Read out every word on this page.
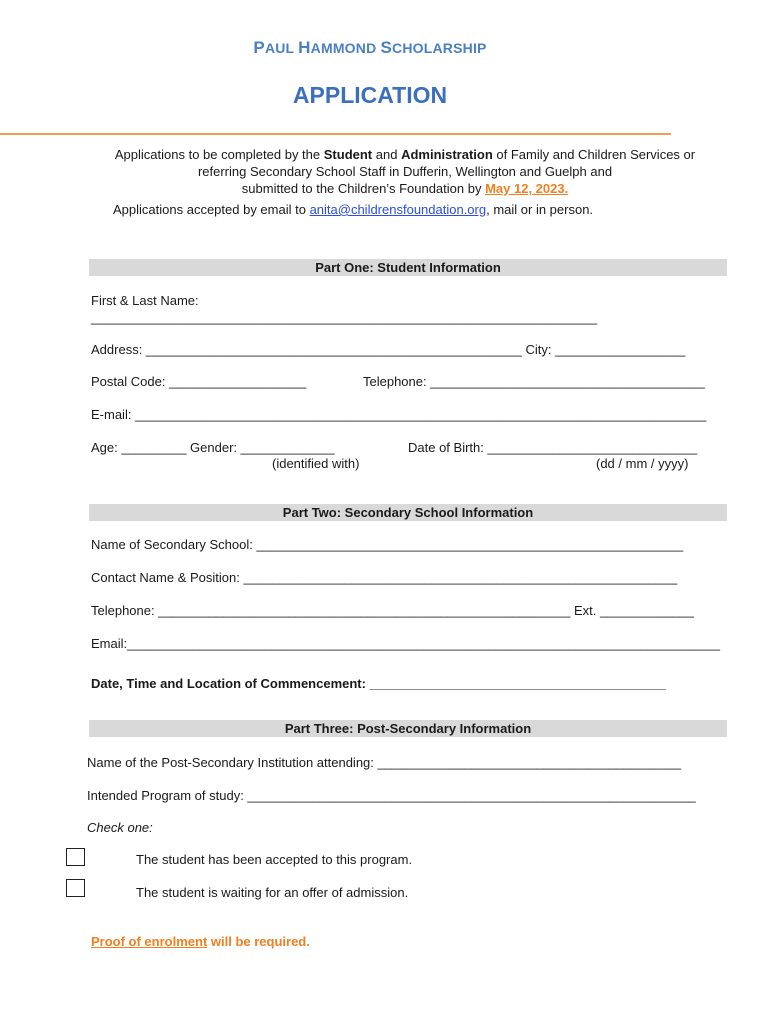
PAUL HAMMOND SCHOLARSHIP
APPLICATION
Applications to be completed by the Student and Administration of Family and Children Services or
referring Secondary School Staff in Dufferin, Wellington and Guelph and
submitted to the Children’s Foundation by May 12, 2023.
Applications accepted by email to anita@childrensfoundation.org, mail or in person.
Part One: Student Information
First & Last Name:
______________________________________________________________________
Address: ____________________________________________________ City: __________________
Postal Code: ___________________	Telephone: ______________________________________
E-mail: _______________________________________________________________________________
Age: _________ Gender: _____________	Date of Birth: _____________________________
(identified with)	(dd / mm / yyyy)
Part Two: Secondary School Information
Name of Secondary School: ___________________________________________________________
Contact Name & Position: ____________________________________________________________
Telephone: _________________________________________________________ Ext. _____________
Email:__________________________________________________________________________________
Date, Time and Location of Commencement: _________________________________________
Part Three: Post-Secondary Information
Name of the Post-Secondary Institution attending: __________________________________________
Intended Program of study: ______________________________________________________________
Check one:
The student has been accepted to this program.
The student is waiting for an offer of admission.
Proof of enrolment will be required.
